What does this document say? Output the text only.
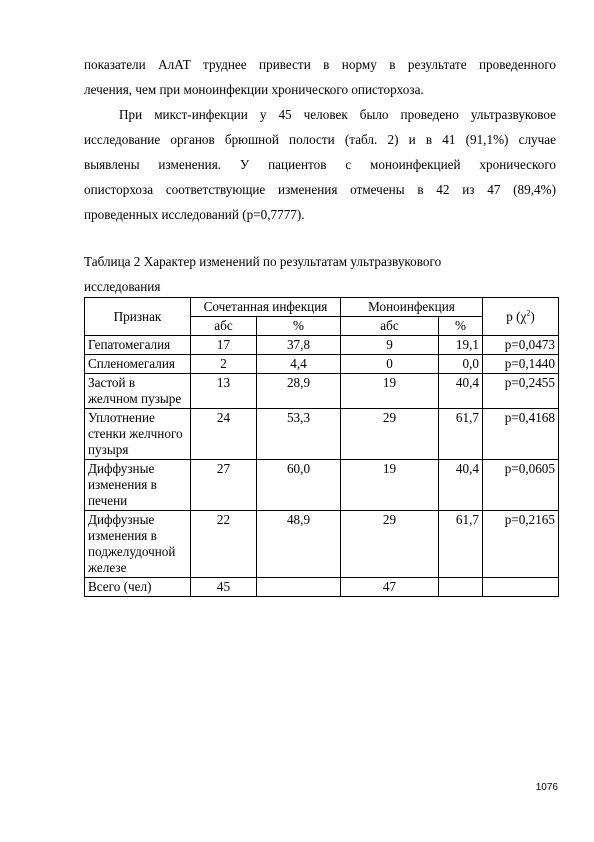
показатели АлАТ труднее привести в норму в результате проведенного
лечения, чем при моноинфекции хронического описторхоза.
При микст-инфекции у 45 человек было проведено ультразвуковое
исследование органов брюшной полости (табл. 2) и в 41 (91,1%) случае
выявлены изменения. У пациентов с моноинфекцией хронического
описторхоза соответствующие изменения отмечены в 42 из 47 (89,4%)
проведенных исследований (р=0,7777).
Таблица 2 Характер изменений по результатам ультразвукового
исследования
Признак	Сочетанная инфекция		Моноинфекция		р $(\chi^2)$
	абс	%	абс	%	
Гепатомегалия	17	37,8	9	19,1	р=0,0473
Спленомегалия	2	4,4	0	0,0	р=0,1440
Застой в желчном пузыре	13	28,9	19	40,4	р=0,2455
Уплотнение стенки желчного пузыря	24	53,3	29	61,7	р=0,4168
Диффузные изменения в печени	27	60,0	19	40,4	р=0,0605
Диффузные изменения в поджелудочной железе	22	48,9	29	61,7	р=0,2165
Всего (чел)	45		47		
1076
